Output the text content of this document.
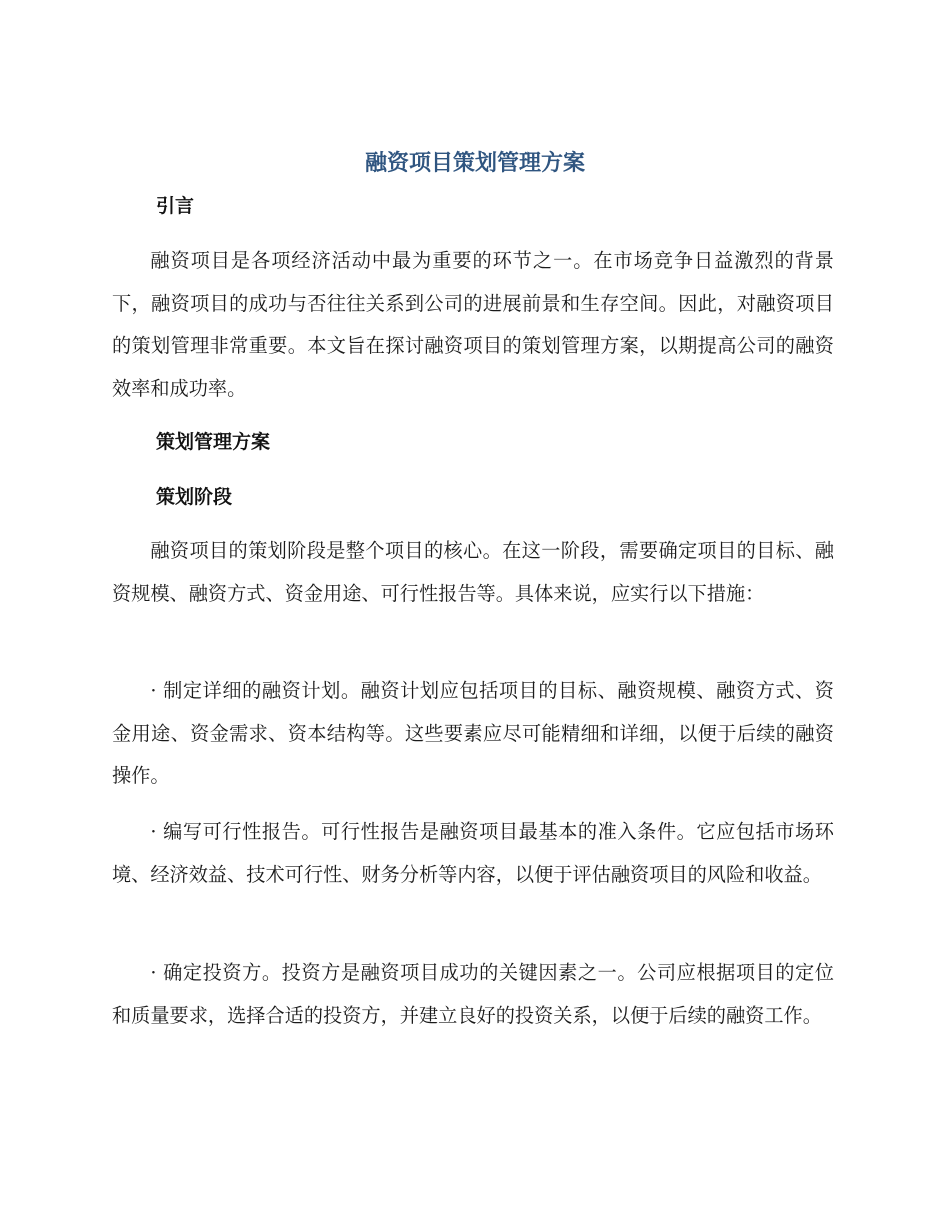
融资项目策划管理方案
引言

融资项目是各项经济活动中最为重要的环节之一。在市场竞争日益激烈的背景下，融资项目的成功与否往往关系到公司的进展前景和生存空间。因此，对融资项目的策划管理非常重要。本文旨在探讨融资项目的策划管理方案，以期提高公司的融资效率和成功率。

策划管理方案
策划阶段

融资项目的策划阶段是整个项目的核心。在这一阶段，需要确定项目的目标、融资规模、融资方式、资金用途、可行性报告等。具体来说，应实行以下措施：

· 制定详细的融资计划。融资计划应包括项目的目标、融资规模、融资方式、资金用途、资金需求、资本结构等。这些要素应尽可能精细和详细，以便于后续的融资操作。

· 编写可行性报告。可行性报告是融资项目最基本的准入条件。它应包括市场环境、经济效益、技术可行性、财务分析等内容，以便于评估融资项目的风险和收益。

· 确定投资方。投资方是融资项目成功的关键因素之一。公司应根据项目的定位和质量要求，选择合适的投资方，并建立良好的投资关系，以便于后续的融资工作。
